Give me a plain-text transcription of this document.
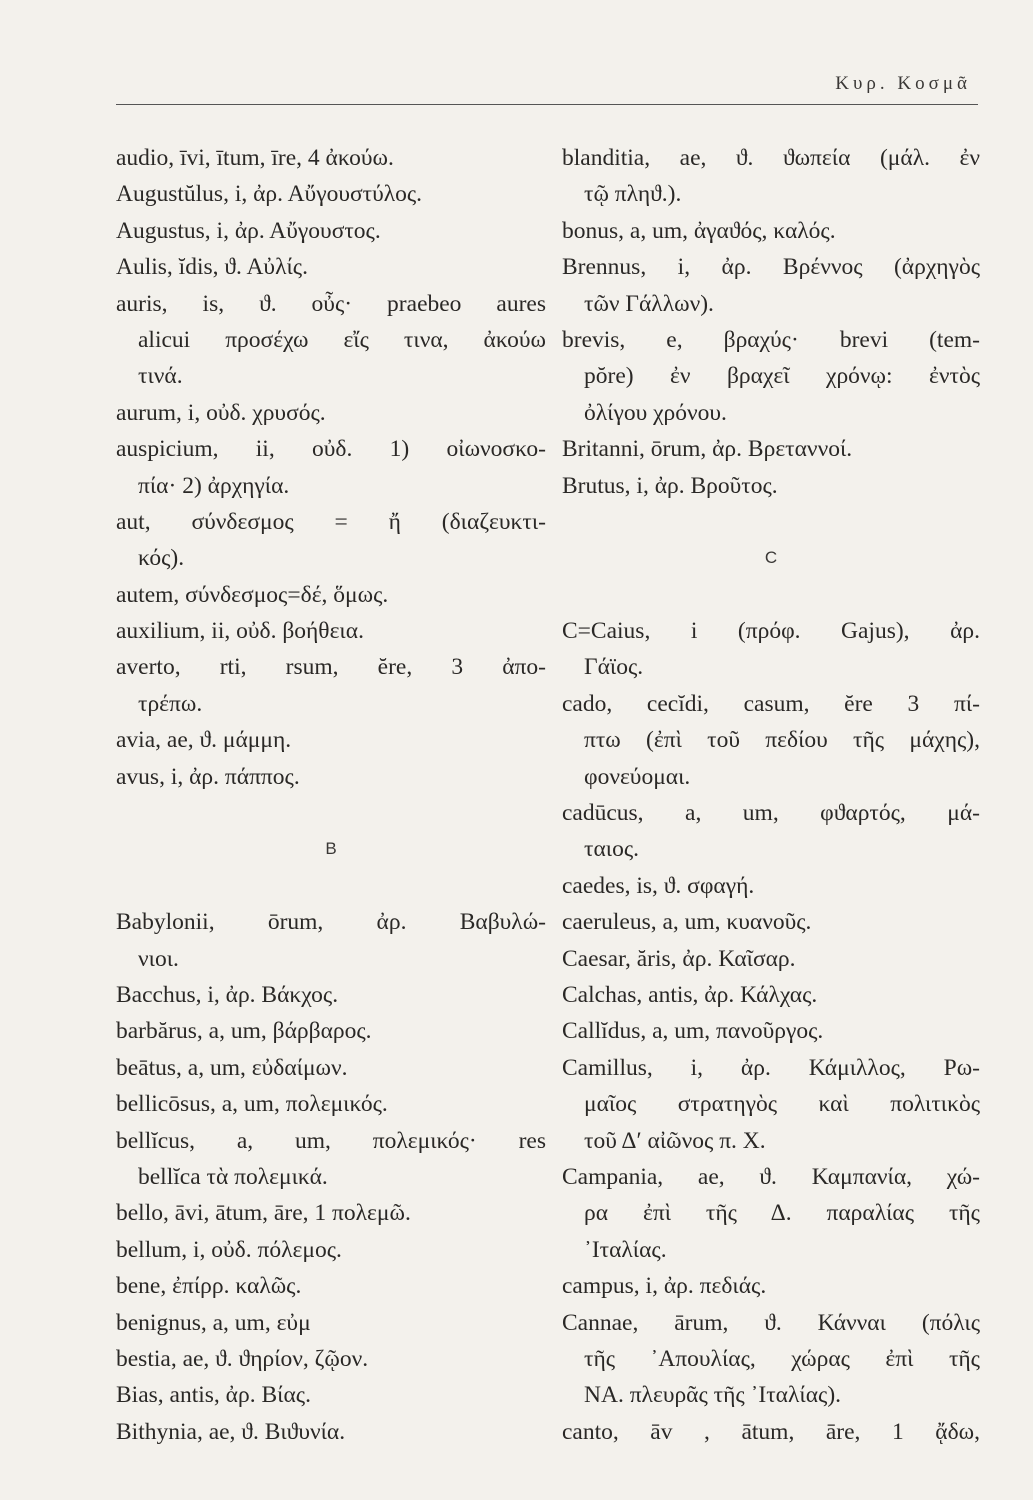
Κυρ. Κοσμᾶ
audio, īvi, ītum, īre, 4 ἀκούω.
Augustŭlus, i, ἀρ. Αὔγουστύλος.
Augustus, i, ἀρ. Αὔγουστος.
Aulis, ĭdis, ϑ. Αὐλίς.
auris, is, ϑ. οὖς· praebeo aures
alicui προσέχω εἴς τινα, ἀκούω
τινά.
aurum, i, οὐδ. χρυσός.
auspicium, ii, οὐδ. 1) οἰωνοσκο-
πία· 2) ἀρχηγία.
aut, σύνδεσμος = ἤ (διαζευκτι-
κός).
autem, σύνδεσμος=δέ, ὅμως.
auxilium, ii, οὐδ. βοήθεια.
averto, rti, rsum, ĕre, 3 ἀπο-
τρέπω.
avia, ae, ϑ. μάμμη.
avus, i, ἀρ. πάππος.
B
Babylonii, ōrum, ἀρ. Βαβυλώ-
νιοι.
Bacchus, i, ἀρ. Βάκχος.
barbărus, a, um, βάρβαρος.
beātus, a, um, εὐδαίμων.
bellicōsus, a, um, πολεμικός.
bellĭcus, a, um, πολεμικός· res
bellĭca τὰ πολεμικά.
bello, āvi, ātum, āre, 1 πολεμῶ.
bellum, i, οὐδ. πόλεμος.
bene, ἐπίρρ. καλῶς.
benignus, a, um, εὐμ
bestia, ae, ϑ. ϑηρίον, ζῷον.
Bias, antis, ἀρ. Βίας.
Bithynia, ae, ϑ. Βιϑυνία.
blanditia, ae, ϑ. ϑωπεία (μάλ. ἐν
τῷ πληϑ.).
bonus, a, um, ἀγαϑός, καλός.
Brennus, i, ἀρ. Βρέννος (ἀρχηγὸς
τῶν Γάλλων).
brevis, e, βραχύς· brevi (tem-
pŏre) ἐν βραχεῖ χρόνῳ: ἐντὸς
ὀλίγου χρόνου.
Britanni, ōrum, ἀρ. Βρεταννοί.
Brutus, i, ἀρ. Βροῦτος.
C
C=Caius, i (πρόφ. Gajus), ἀρ.
Γάϊος.
cado, cecĭdi, casum, ĕre 3 πί-
πτω (ἐπὶ τοῦ πεδίου τῆς μάχης),
φονεύομαι.
cadūcus, a, um, φϑαρτός, μά-
ταιος.
caedes, is, ϑ. σφαγή.
caeruleus, a, um, κυανοῦς.
Caesar, ăris, ἀρ. Καῖσαρ.
Calchas, antis, ἀρ. Κάλχας.
Callĭdus, a, um, πανοῦργος.
Camillus, i, ἀρ. Κάμιλλος, Ρω-
μαῖος στρατηγὸς καὶ πολιτικὸς
τοῦ Δ′ αἰῶνος π. Χ.
Campania, ae, ϑ. Καμπανία, χώ-
ρα ἐπὶ τῆς Δ. παραλίας τῆς
᾿Ιταλίας.
campus, i, ἀρ. πεδιάς.
Cannae, ārum, ϑ. Κάνναι (πόλις
τῆς ᾿Απουλίας, χώρας ἐπὶ τῆς
ΝΑ. πλευρᾶς τῆς ᾿Ιταλίας).
canto, āv , ātum, āre, 1 ᾄδω,
